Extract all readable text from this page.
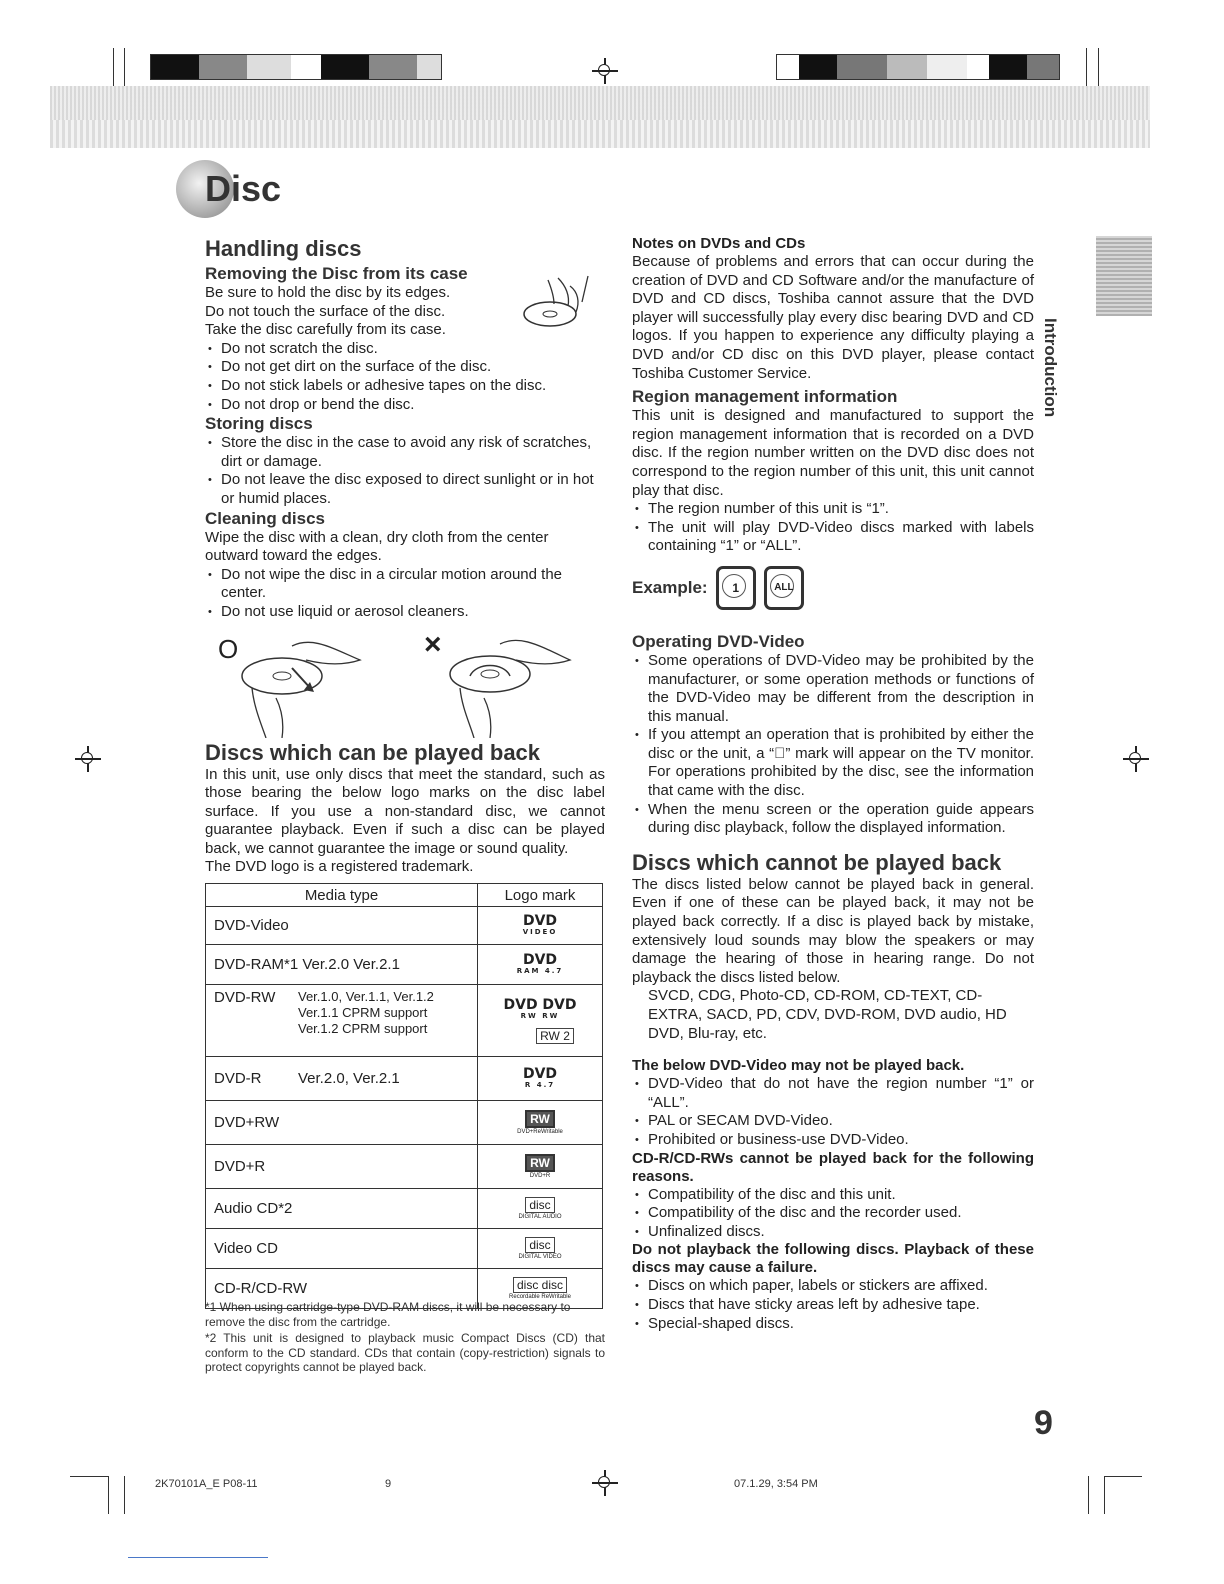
Disc
Introduction

Handling discs

Removing the Disc from its case

Be sure to hold the disc by its edges.

Do not touch the surface of the disc.

Take the disc carefully from its case.

• Do not scratch the disc.
• Do not get dirt on the surface of the disc.
• Do not stick labels or adhesive tapes on the disc.
• Do not drop or bend the disc.

Storing discs

• Store the disc in the case to avoid any risk of scratches, dirt or damage.
• Do not leave the disc exposed to direct sunlight or in hot or humid places.

Cleaning discs

Wipe the disc with a clean, dry cloth from the center outward toward the edges.

• Do not wipe the disc in a circular motion around the center.
• Do not use liquid or aerosol cleaners.
O	×

Discs which can be played back

In this unit, use only discs that meet the standard, such as those bearing the below logo marks on the disc label surface. If you use a non-standard disc, we cannot guarantee playback. Even if such a disc can be played back, we cannot guarantee the image or sound quality.

The DVD logo is a registered trademark.

Media type	Logo mark
DVD-Video	DVD
VIDEO

DVD-RAM*1 Ver.2.0 Ver.2.1	DVD
RAM 4.7

DVD-RW Ver.1.0, Ver.1.1, Ver.1.2
Ver.1.1 CPRM support
Ver.1.2 CPRM support	DVD DVD
RW RW

RW 2
DVD-R Ver.2.0, Ver.2.1	DVD
R 4.7

DVD+RW	RW
DVD+ReWritable

DVD+R	RW
DVD+R

Audio CD*2	disc
DIGITAL AUDIO

Video CD	disc
DIGITAL VIDEO

CD-R/CD-RW	disc disc
Recordable ReWritable
*1 When using cartridge-type DVD-RAM discs, it will be necessary to remove the disc from the cartridge.
*2 This unit is designed to playback music Compact Discs (CD) that conform to the CD standard. CDs that contain (copy-restriction) signals to protect copyrights cannot be played back.

Notes on DVDs and CDs

Because of problems and errors that can occur during the creation of DVD and CD Software and/or the manufacture of DVD and CD discs, Toshiba cannot assure that the DVD player will successfully play every disc bearing DVD and CD logos. If you happen to experience any difficulty playing a DVD and/or CD disc on this DVD player, please contact Toshiba Customer Service.

Region management information

This unit is designed and manufactured to support the region management information that is recorded on a DVD disc. If the region number written on the DVD disc does not correspond to the region number of this unit, this unit cannot play that disc.

• The region number of this unit is “1”.
• The unit will play DVD-Video discs marked with labels containing “1” or “ALL”.
Example:	1
	ALL

Operating DVD-Video

• Some operations of DVD-Video may be prohibited by the manufacturer, or some operation methods or functions of the DVD-Video may be different from the description in this manual.
• If you attempt an operation that is prohibited by either the disc or the unit, a “⃠” mark will appear on the TV monitor. For operations prohibited by the disc, see the information that came with the disc.
• When the menu screen or the operation guide appears during disc playback, follow the displayed information.

Discs which cannot be played back

The discs listed below cannot be played back in general. Even if one of these can be played back, it may not be played back correctly. If a disc is played back by mistake, extensively loud sounds may blow the speakers or may damage the hearing of those in hearing range. Do not playback the discs listed below.

SVCD, CDG, Photo-CD, CD-ROM, CD-TEXT, CD-EXTRA, SACD, PD, CDV, DVD-ROM, DVD audio, HD DVD, Blu-ray, etc.

The below DVD-Video may not be played back.

• DVD-Video that do not have the region number “1” or “ALL”.
• PAL or SECAM DVD-Video.
• Prohibited or business-use DVD-Video.

CD-R/CD-RWs cannot be played back for the following reasons.

• Compatibility of the disc and this unit.
• Compatibility of the disc and the recorder used.
• Unfinalized discs.

Do not playback the following discs. Playback of these discs may cause a failure.

• Discs on which paper, labels or stickers are affixed.
• Discs that have sticky areas left by adhesive tape.
• Special-shaped discs.
9
2K70101A_E P08-11	9	07.1.29, 3:54 PM
